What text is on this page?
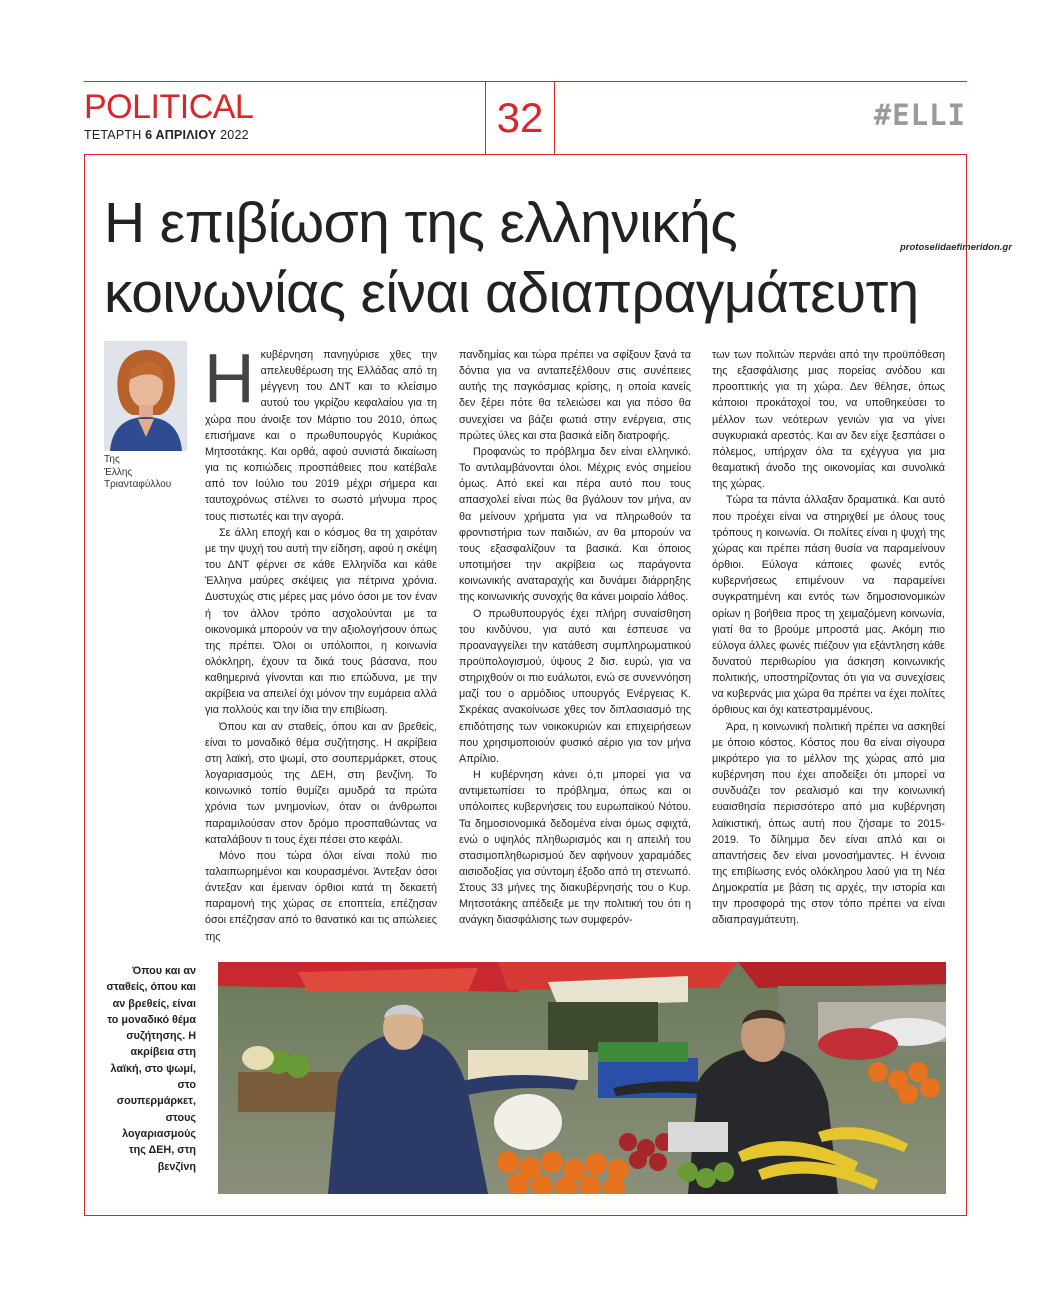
POLITICAL
ΤΕΤΑΡΤΗ 6 ΑΠΡΙΛΙΟΥ 2022	32	#ELLI
protoselidaefimeridon.gr
Η επιβίωση της ελληνικής
κοινωνίας είναι αδιαπραγμάτευτη
Της
Έλλης
Τριανταφύλλου

Ηκυβέρνηση πανηγύρισε χθες την απελευθέρωση της Ελλάδας από τη μέγγενη του ΔΝΤ και το κλείσιμο αυτού του γκρίζου κεφαλαίου για τη χώρα που άνοιξε τον Μάρτιο του 2010, όπως επισήμανε και ο πρωθυπουργός Κυριάκος Μητσοτάκης. Και ορθά, αφού συνιστά δικαίωση για τις κοπιώδεις προσπάθειες που κατέβαλε από τον Ιούλιο του 2019 μέχρι σήμερα και ταυτοχρόνως στέλνει το σωστό μήνυμα προς τους πιστωτές και την αγορά.

Σε άλλη εποχή και ο κόσμος θα τη χαιρόταν με την ψυχή του αυτή την είδηση, αφού η σκέψη του ΔΝΤ φέρνει σε κάθε Ελληνίδα και κάθε Έλληνα μαύρες σκέψεις για πέτρινα χρόνια. Δυστυχώς στις μέρες μας μόνο όσοι με τον έναν ή τον άλλον τρόπο ασχολούνται με τα οικονομικά μπορούν να την αξιολογήσουν όπως της πρέπει. Όλοι οι υπόλοιποι, η κοινωνία ολόκληρη, έχουν τα δικά τους βάσανα, που καθημερινά γίνονται και πιο επώδυνα, με την ακρίβεια να απειλεί όχι μόνον την ευμάρεια αλλά για πολλούς και την ίδια την επιβίωση.

Όπου και αν σταθείς, όπου και αν βρεθείς, είναι το μοναδικό θέμα συζήτησης. Η ακρίβεια στη λαϊκή, στο ψωμί, στο σουπερμάρκετ, στους λογαριασμούς της ΔΕΗ, στη βενζίνη. Το κοινωνικό τοπίο θυμίζει αμυδρά τα πρώτα χρόνια των μνημονίων, όταν οι άνθρωποι παραμιλούσαν στον δρόμο προσπαθώντας να καταλάβουν τι τους έχει πέσει στο κεφάλι.

Μόνο που τώρα όλοι είναι πολύ πιο ταλαιπωρημένοι και κουρασμένοι. Άντεξαν όσοι άντεξαν και έμειναν όρθιοι κατά τη δεκαετή παραμονή της χώρας σε εποπτεία, επέζησαν όσοι επέζησαν από το θανατικό και τις απώλειες της

πανδημίας και τώρα πρέπει να σφίξουν ξανά τα δόντια για να ανταπεξέλθουν στις συνέπειες αυτής της παγκόσμιας κρίσης, η οποία κανείς δεν ξέρει πότε θα τελειώσει και για πόσο θα συνεχίσει να βάζει φωτιά στην ενέργεια, στις πρώτες ύλες και στα βασικά είδη διατροφής.

Προφανώς το πρόβλημα δεν είναι ελληνικό. Το αντιλαμβάνονται όλοι. Μέχρις ενός σημείου όμως. Από εκεί και πέρα αυτό που τους απασχολεί είναι πώς θα βγάλουν τον μήνα, αν θα μείνουν χρήματα για να πληρωθούν τα φροντιστήρια των παιδιών, αν θα μπορούν να τους εξασφαλίζουν τα βασικά. Και όποιος υποτιμήσει την ακρίβεια ως παράγοντα κοινωνικής αναταραχής και δυνάμει διάρρηξης της κοινωνικής συνοχής θα κάνει μοιραίο λάθος.

Ο πρωθυπουργός έχει πλήρη συναίσθηση του κινδύνου, για αυτό και έσπευσε να προαναγγείλει την κατάθεση συμπληρωματικού προϋπολογισμού, ύψους 2 δισ. ευρώ, για να στηριχθούν οι πιο ευάλωτοι, ενώ σε συνεννόηση μαζί του ο αρμόδιος υπουργός Ενέργειας Κ. Σκρέκας ανακοίνωσε χθες τον διπλασιασμό της επιδότησης των νοικοκυριών και επιχειρήσεων που χρησιμοποιούν φυσικό αέριο για τον μήνα Απρίλιο.

Η κυβέρνηση κάνει ό,τι μπορεί για να αντιμετωπίσει το πρόβλημα, όπως και οι υπόλοιπες κυβερνήσεις του ευρωπαϊκού Νότου. Τα δημοσιονομικά δεδομένα είναι όμως σφιχτά, ενώ ο υψηλός πληθωρισμός και η απειλή του στασιμοπληθωρισμού δεν αφήνουν χαραμάδες αισιοδοξίας για σύντομη έξοδο από τη στενωπό. Στους 33 μήνες της διακυβέρνησής του ο Κυρ. Μητσοτάκης απέδειξε με την πολιτική του ότι η ανάγκη διασφάλισης των συμφερόν-

των των πολιτών περνάει από την προϋπόθεση της εξασφάλισης μιας πορείας ανόδου και προοπτικής για τη χώρα. Δεν θέλησε, όπως κάποιοι προκάτοχοί του, να υποθηκεύσει το μέλλον των νεότερων γενιών για να γίνει συγκυριακά αρεστός. Και αν δεν είχε ξεσπάσει ο πόλεμος, υπήρχαν όλα τα εχέγγυα για μια θεαματική άνοδο της οικονομίας και συνολικά της χώρας.

Τώρα τα πάντα άλλαξαν δραματικά. Και αυτό που προέχει είναι να στηριχθεί με όλους τους τρόπους η κοινωνία. Οι πολίτες είναι η ψυχή της χώρας και πρέπει πάση θυσία να παραμείνουν όρθιοι. Εύλογα κάποιες φωνές εντός κυβερνήσεως επιμένουν να παραμείνει συγκρατημένη και εντός των δημοσιονομικών ορίων η βοήθεια προς τη χειμαζόμενη κοινωνία, γιατί θα το βρούμε μπροστά μας. Ακόμη πιο εύλογα άλλες φωνές πιέζουν για εξάντληση κάθε δυνατού περιθωρίου για άσκηση κοινωνικής πολιτικής, υποστηρίζοντας ότι για να συνεχίσεις να κυβερνάς μια χώρα θα πρέπει να έχει πολίτες όρθιους και όχι κατεστραμμένους.

Άρα, η κοινωνική πολιτική πρέπει να ασκηθεί με όποιο κόστος. Κόστος που θα είναι σίγουρα μικρότερο για το μέλλον της χώρας από μια κυβέρνηση που έχει αποδείξει ότι μπορεί να συνδυάζει τον ρεαλισμό και την κοινωνική ευαισθησία περισσότερο από μια κυβέρνηση λαϊκιστική, όπως αυτή που ζήσαμε το 2015-2019. Το δίλημμα δεν είναι απλό και οι απαντήσεις δεν είναι μονοσήμαντες. Η έννοια της επιβίωσης ενός ολόκληρου λαού για τη Νέα Δημοκρατία με βάση τις αρχές, την ιστορία και την προσφορά της στον τόπο πρέπει να είναι αδιαπραγμάτευτη.

Όπου και αν σταθείς, όπου και αν βρεθείς, είναι το μοναδικό θέμα συζήτησης. Η ακρίβεια στη λαϊκή, στο ψωμί, στο σουπερμάρκετ, στους λογαριασμούς της ΔΕΗ, στη βενζίνη
